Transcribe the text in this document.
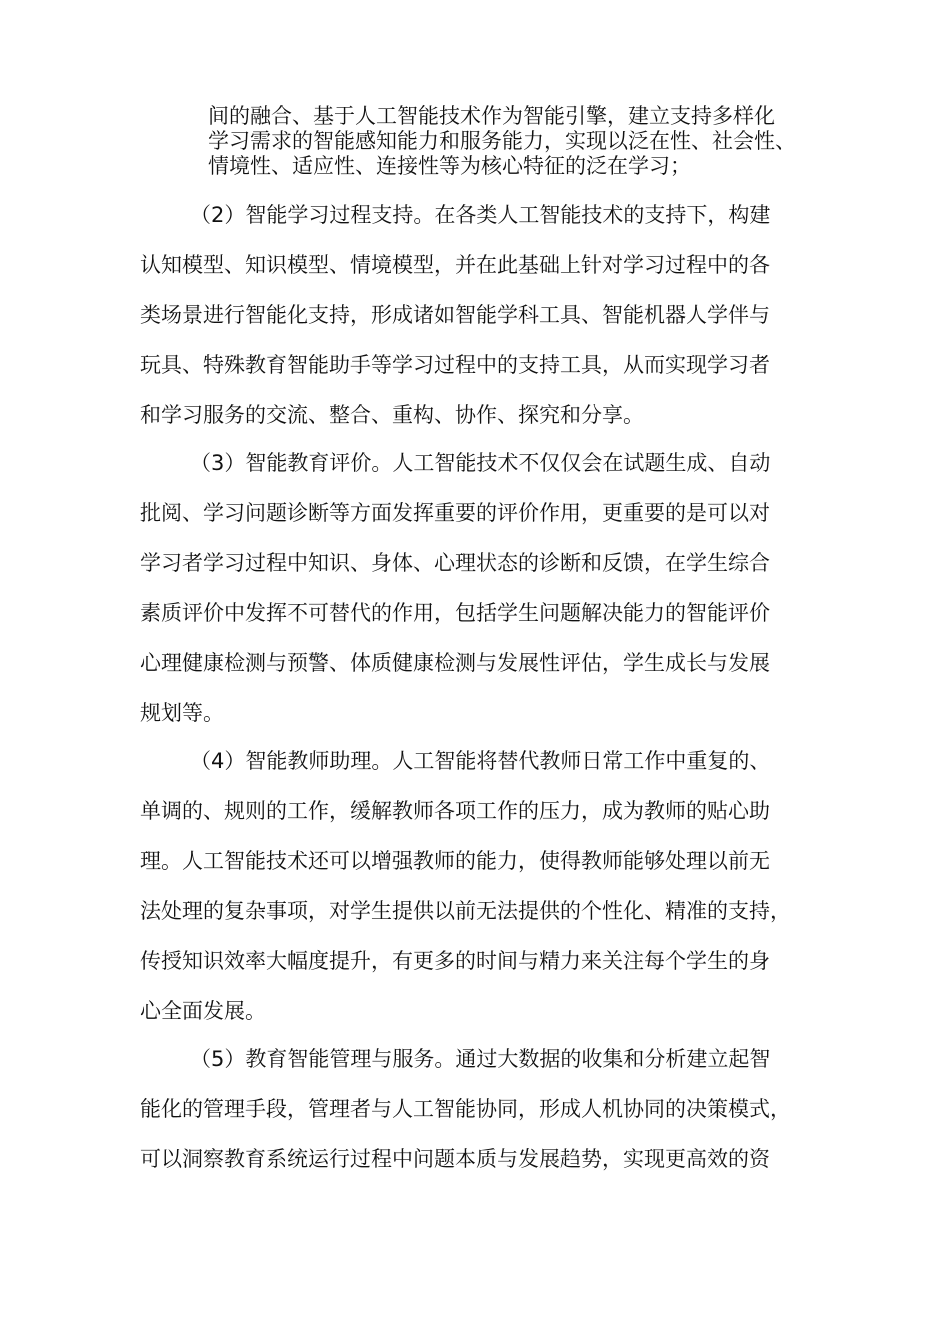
间的融合、基于人工智能技术作为智能引擎，建立支持多样化
学习需求的智能感知能力和服务能力，实现以泛在性、社会性、
情境性、适应性、连接性等为核心特征的泛在学习；
（2）智能学习过程支持。在各类人工智能技术的支持下，构建
认知模型、知识模型、情境模型，并在此基础上针对学习过程中的各
类场景进行智能化支持，形成诸如智能学科工具、智能机器人学伴与
玩具、特殊教育智能助手等学习过程中的支持工具，从而实现学习者
和学习服务的交流、整合、重构、协作、探究和分享。
（3）智能教育评价。人工智能技术不仅仅会在试题生成、自动
批阅、学习问题诊断等方面发挥重要的评价作用，更重要的是可以对
学习者学习过程中知识、身体、心理状态的诊断和反馈，在学生综合
素质评价中发挥不可替代的作用，包括学生问题解决能力的智能评价
心理健康检测与预警、体质健康检测与发展性评估，学生成长与发展
规划等。
（4）智能教师助理。人工智能将替代教师日常工作中重复的、
单调的、规则的工作，缓解教师各项工作的压力，成为教师的贴心助
理。人工智能技术还可以增强教师的能力，使得教师能够处理以前无
法处理的复杂事项，对学生提供以前无法提供的个性化、精准的支持，
传授知识效率大幅度提升，有更多的时间与精力来关注每个学生的身
心全面发展。
（5）教育智能管理与服务。通过大数据的收集和分析建立起智
能化的管理手段，管理者与人工智能协同，形成人机协同的决策模式，
可以洞察教育系统运行过程中问题本质与发展趋势，实现更高效的资
